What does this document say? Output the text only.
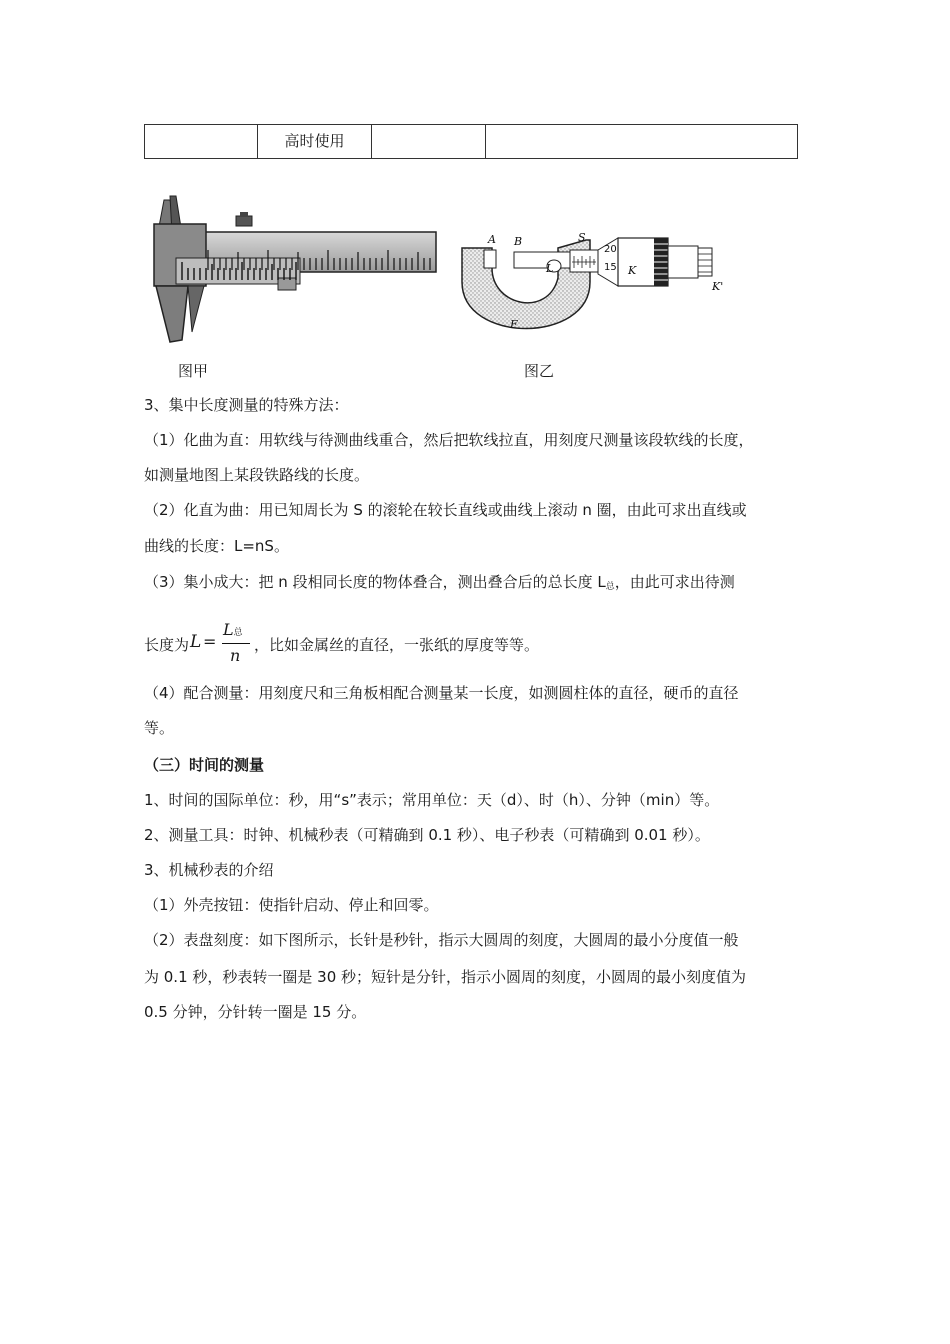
	高时使用		
A B	S
L	K
K'
F
20
15
图甲	图乙
3、集中长度测量的特殊方法：
（1）化曲为直：用软线与待测曲线重合，然后把软线拉直，用刻度尺测量该段软线的长度，
如测量地图上某段铁路线的长度。
（2）化直为曲：用已知周长为 S 的滚轮在较长直线或曲线上滚动 n 圈，由此可求出直线或
曲线的长度：L=nS。
（3）集小成大：把 n 段相同长度的物体叠合，测出叠合后的总长度 $L_总$，由此可求出待测
长度为 L =
L总
n
，比如金属丝的直径，一张纸的厚度等等。
（4）配合测量：用刻度尺和三角板相配合测量某一长度，如测圆柱体的直径，硬币的直径
等。
（三）时间的测量
1、时间的国际单位：秒，用“s”表示；常用单位：天（d）、时（h）、分钟（min）等。
2、测量工具：时钟、机械秒表（可精确到 0.1 秒）、电子秒表（可精确到 0.01 秒）。
3、机械秒表的介绍
（1）外壳按钮：使指针启动、停止和回零。
（2）表盘刻度：如下图所示，长针是秒针，指示大圆周的刻度，大圆周的最小分度值一般
为 0.1 秒，秒表转一圈是 30 秒；短针是分针，指示小圆周的刻度，小圆周的最小刻度值为
0.5 分钟，分针转一圈是 15 分。
